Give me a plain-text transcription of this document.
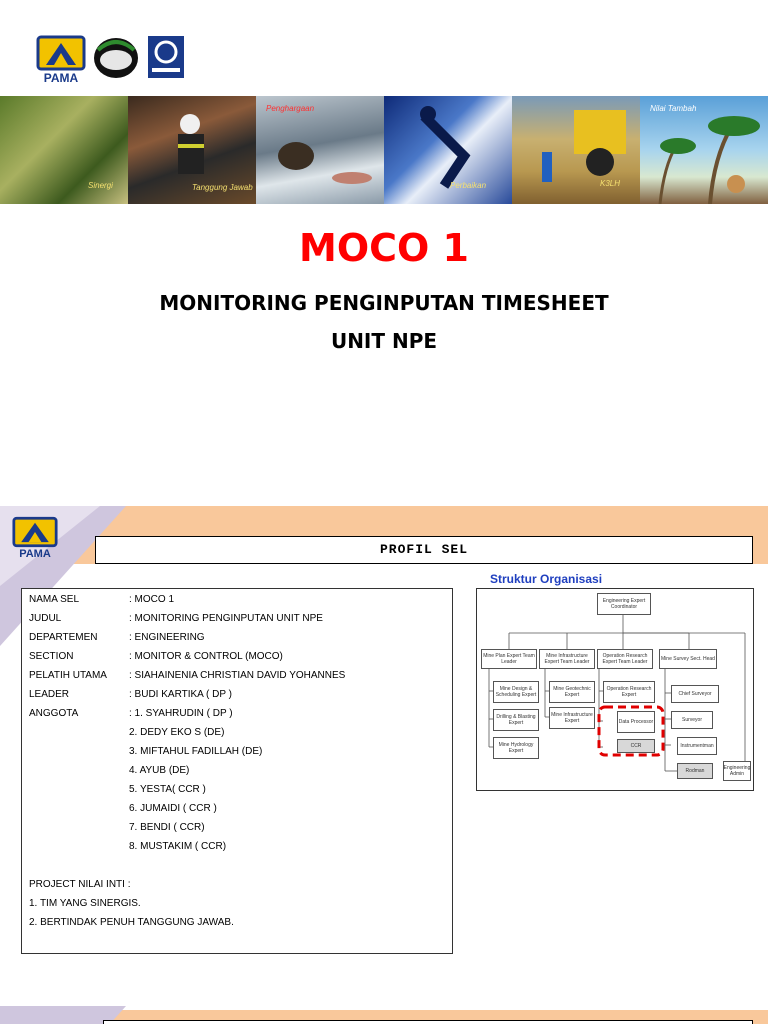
PAMA
Sinergi	Tanggung Jawab
Penghargaan
Perbaikan	K3LH
Nilai Tambah
MOCO 1
MONITORING PENGINPUTAN TIMESHEET
UNIT NPE
PAMA	PROFIL SEL
Struktur Organisasi
NAMA SEL	: MOCO 1
JUDUL	: MONITORING PENGINPUTAN UNIT NPE
DEPARTEMEN	: ENGINEERING
SECTION	: MONITOR & CONTROL (MOCO)
PELATIH UTAMA	: SIAHAINENIA CHRISTIAN DAVID YOHANNES
LEADER	: BUDI KARTIKA ( DP )
ANGGOTA	: 1. SYAHRUDIN ( DP )
2. DEDY EKO S (DE)
3. MIFTAHUL FADILLAH (DE)
4. AYUB (DE)
5. YESTA( CCR )
6. JUMAIDI ( CCR )
7. BENDI ( CCR)
8. MUSTAKIM ( CCR)
PROJECT NILAI INTI :
1. TIM YANG SINERGIS.
2. BERTINDAK PENUH TANGGUNG JAWAB.
Engineering Expert Coordinator
Mine Plan Expert Team Leader
Mine Infrastructure Expert Team Leader
Operation Research Expert Team Leader	Mine Survey Sect. Head
Mine Design & Scheduling Expert
Drilling & Blasting Expert
Mine Hydrology Expert
Mine Geotechnic Expert
Mine Infrastructure Expert
Operation Research Expert
Data Processor
CCR
Chief Surveyor
Surveyor
Instrumentman
Rodman	Engineering Admin
